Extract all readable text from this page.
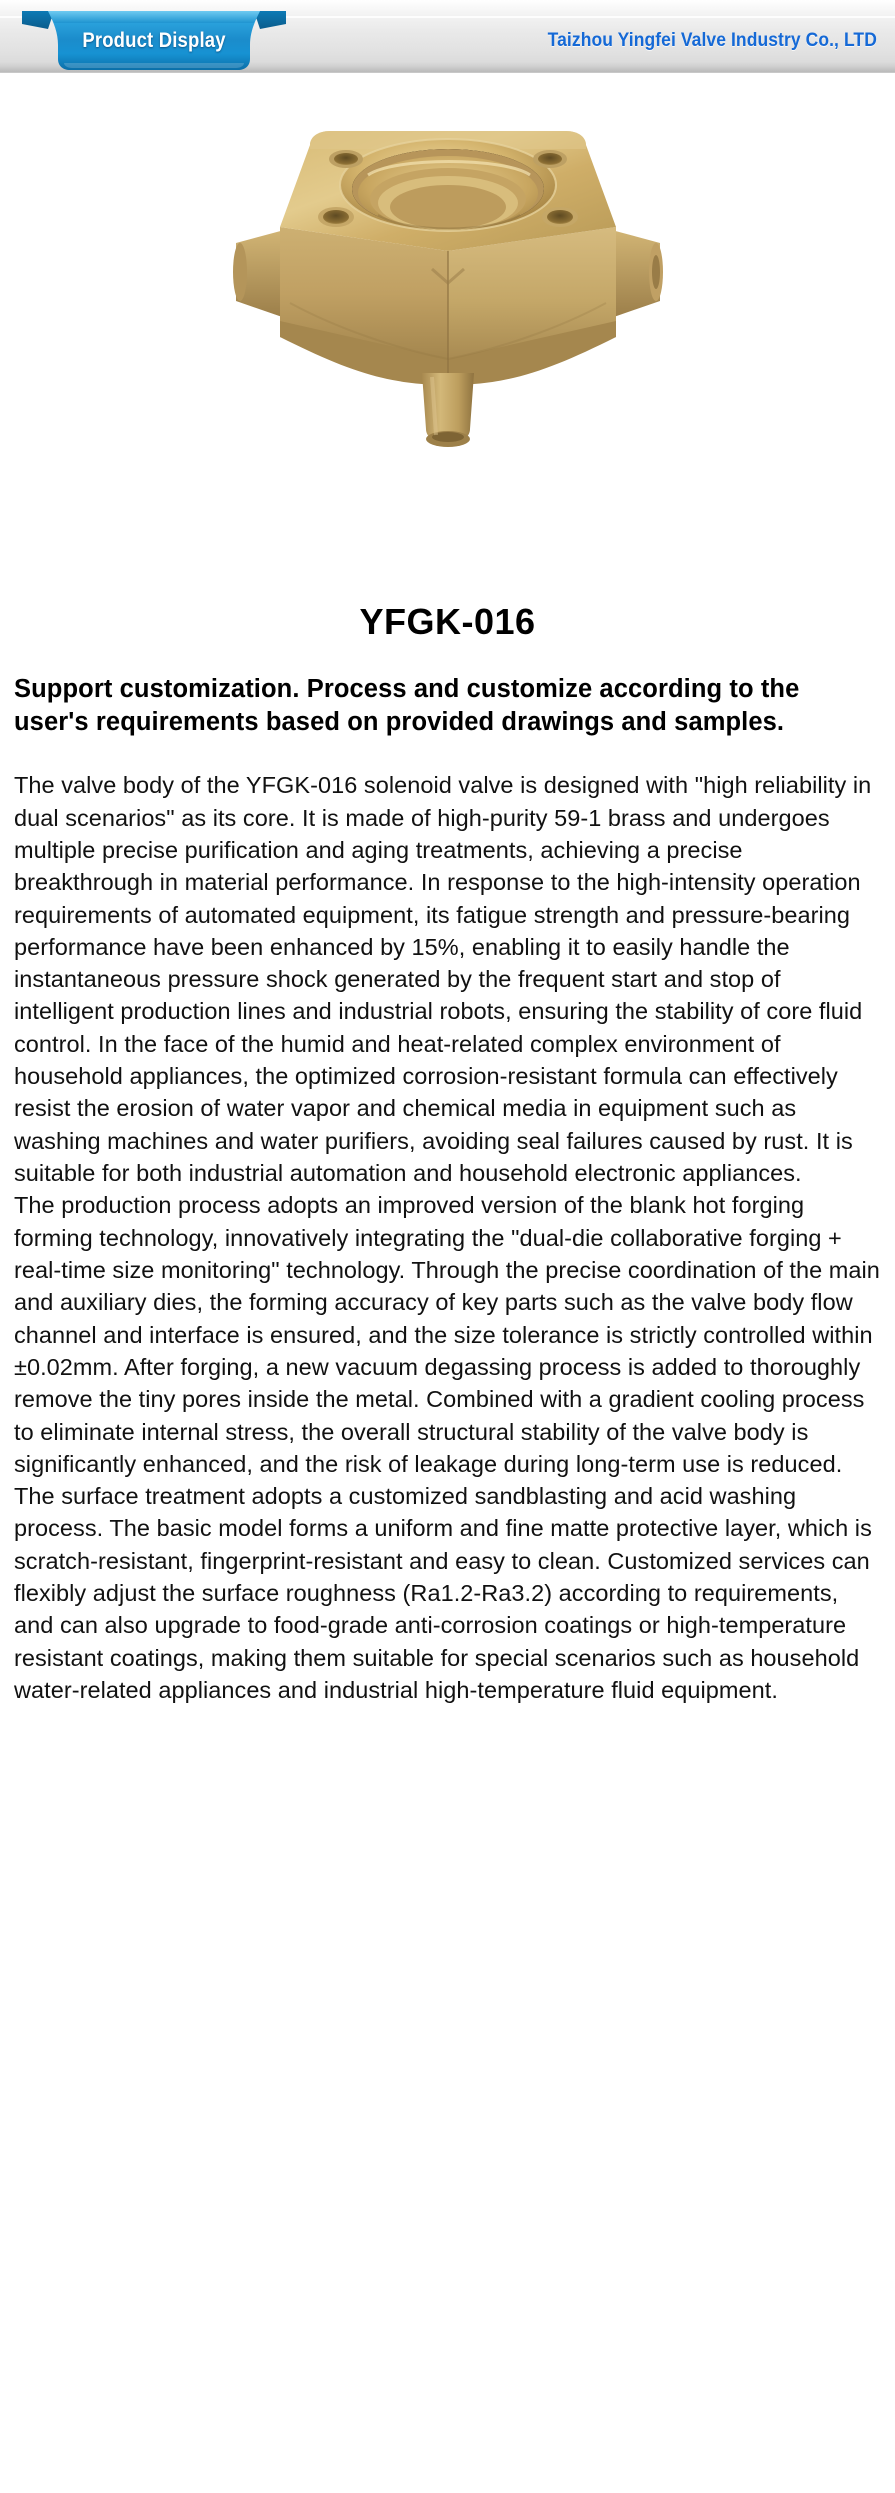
Product Display	Taizhou Yingfei Valve Industry Co., LTD
YFGK-016
Support customization. Process and customize according to the user's requirements based on provided drawings and samples.

The valve body of the YFGK-016 solenoid valve is designed with "high reliability in dual scenarios" as its core. It is made of high-purity 59-1 brass and undergoes multiple precise purification and aging treatments, achieving a precise breakthrough in material performance. In response to the high-intensity operation requirements of automated equipment, its fatigue strength and pressure-bearing performance have been enhanced by 15%, enabling it to easily handle the instantaneous pressure shock generated by the frequent start and stop of intelligent production lines and industrial robots, ensuring the stability of core fluid control. In the face of the humid and heat-related complex environment of household appliances, the optimized corrosion-resistant formula can effectively resist the erosion of water vapor and chemical media in equipment such as washing machines and water purifiers, avoiding seal failures caused by rust. It is suitable for both industrial automation and household electronic appliances.

The production process adopts an improved version of the blank hot forging forming technology, innovatively integrating the "dual-die collaborative forging + real-time size monitoring" technology. Through the precise coordination of the main and auxiliary dies, the forming accuracy of key parts such as the valve body flow channel and interface is ensured, and the size tolerance is strictly controlled within ±0.02mm. After forging, a new vacuum degassing process is added to thoroughly remove the tiny pores inside the metal. Combined with a gradient cooling process to eliminate internal stress, the overall structural stability of the valve body is significantly enhanced, and the risk of leakage during long-term use is reduced.

The surface treatment adopts a customized sandblasting and acid washing process. The basic model forms a uniform and fine matte protective layer, which is scratch-resistant, fingerprint-resistant and easy to clean. Customized services can flexibly adjust the surface roughness (Ra1.2-Ra3.2) according to requirements, and can also upgrade to food-grade anti-corrosion coatings or high-temperature resistant coatings, making them suitable for special scenarios such as household water-related appliances and industrial high-temperature fluid equipment.
